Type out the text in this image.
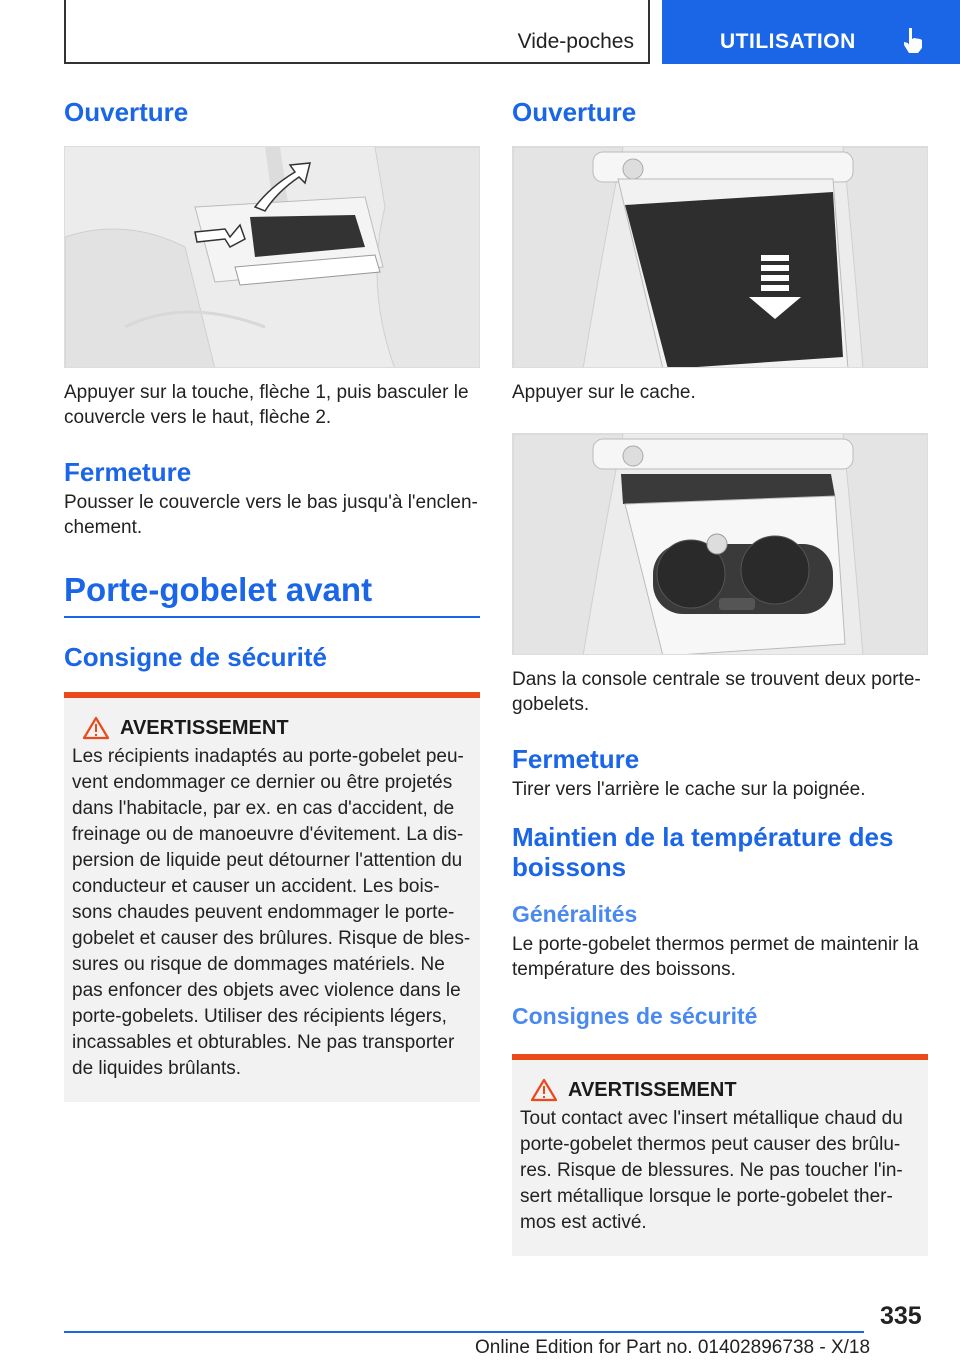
Vide-poches	UTILISATION
Ouverture

Appuyer sur la touche, flèche 1, puis basculer le couvercle vers le haut, flèche 2.

Fermeture

Pousser le couvercle vers le bas jusqu'à l'enclen-chement.

Porte-gobelet avant
Consigne de sécurité
AVERTISSEMENT

Les récipients inadaptés au porte-gobelet peu-vent endommager ce dernier ou être projetés dans l'habitacle, par ex. en cas d'accident, de freinage ou de manoeuvre d'évitement. La dis-persion de liquide peut détourner l'attention du conducteur et causer un accident. Les bois-sons chaudes peuvent endommager le porte-gobelet et causer des brûlures. Risque de bles-sures ou risque de dommages matériels. Ne pas enfoncer des objets avec violence dans le porte-gobelets. Utiliser des récipients légers, incassables et obturables. Ne pas transporter de liquides brûlants.

Ouverture

Appuyer sur le cache.

Dans la console centrale se trouvent deux porte-gobelets.

Fermeture

Tirer vers l'arrière le cache sur la poignée.

Maintien de la température des boissons
Généralités

Le porte-gobelet thermos permet de maintenir la température des boissons.

Consignes de sécurité
AVERTISSEMENT

Tout contact avec l'insert métallique chaud du porte-gobelet thermos peut causer des brûlu-res. Risque de blessures. Ne pas toucher l'in-sert métallique lorsque le porte-gobelet ther-mos est activé.

335
Online Edition for Part no. 01402896738 - X/18
